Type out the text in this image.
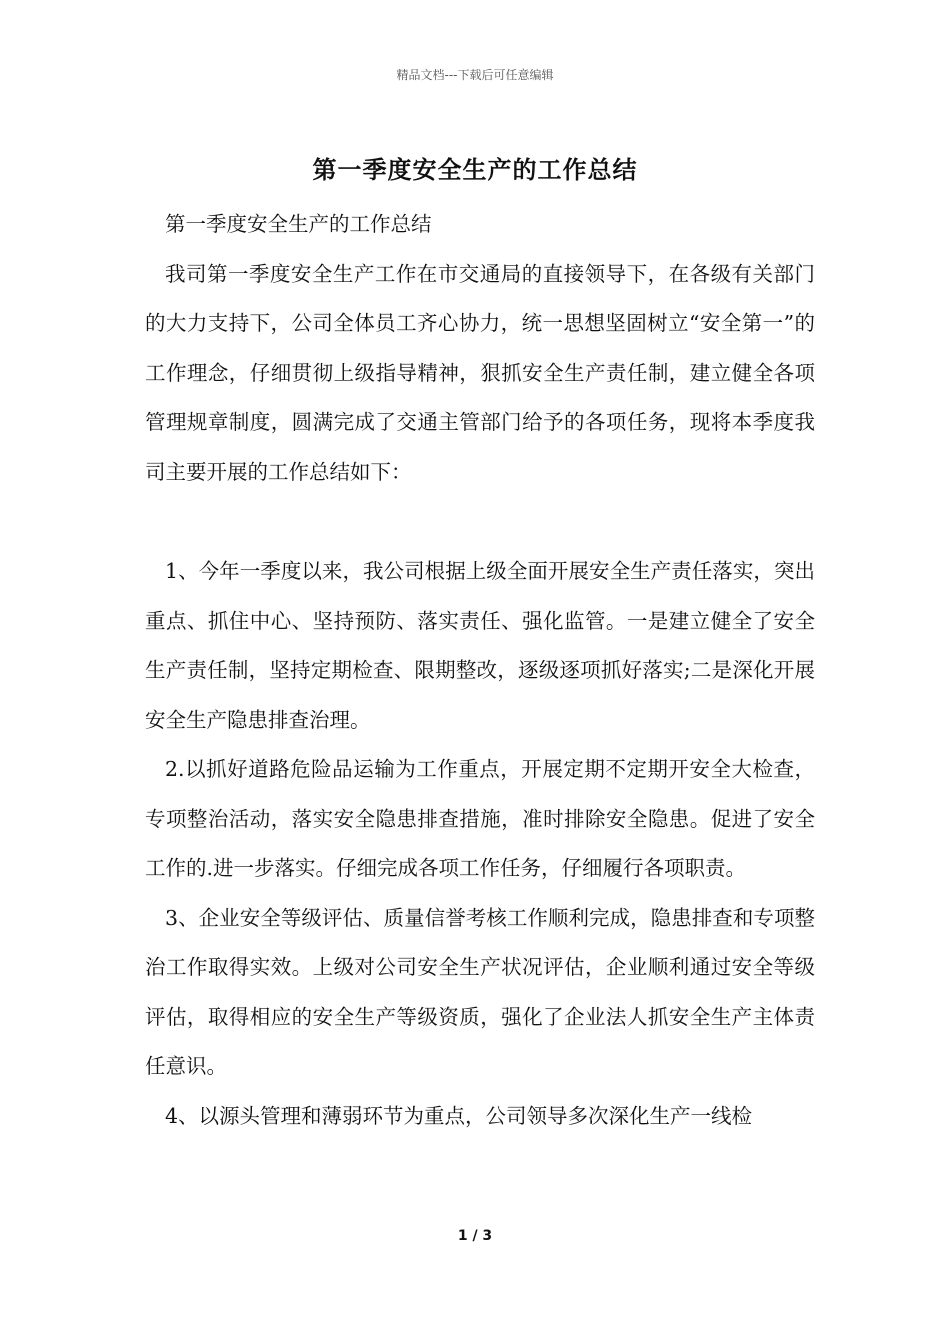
精品文档---下载后可任意编辑
第一季度安全生产的工作总结

第一季度安全生产的工作总结

我司第一季度安全生产工作在市交通局的直接领导下，在各级有关部门的大力支持下，公司全体员工齐心协力，统一思想坚固树立“安全第一”的工作理念，仔细贯彻上级指导精神，狠抓安全生产责任制，建立健全各项管理规章制度，圆满完成了交通主管部门给予的各项任务，现将本季度我司主要开展的工作总结如下：

1、今年一季度以来，我公司根据上级全面开展安全生产责任落实，突出重点、抓住中心、坚持预防、落实责任、强化监管。一是建立健全了安全生产责任制，坚持定期检查、限期整改，逐级逐项抓好落实;二是深化开展安全生产隐患排查治理。

2.以抓好道路危险品运输为工作重点，开展定期不定期开安全大检查，专项整治活动，落实安全隐患排查措施，准时排除安全隐患。促进了安全工作的.进一步落实。仔细完成各项工作任务，仔细履行各项职责。

3、企业安全等级评估、质量信誉考核工作顺利完成，隐患排查和专项整治工作取得实效。上级对公司安全生产状况评估，企业顺利通过安全等级评估，取得相应的安全生产等级资质，强化了企业法人抓安全生产主体责任意识。

4、以源头管理和薄弱环节为重点，公司领导多次深化生产一线检

1 / 3
